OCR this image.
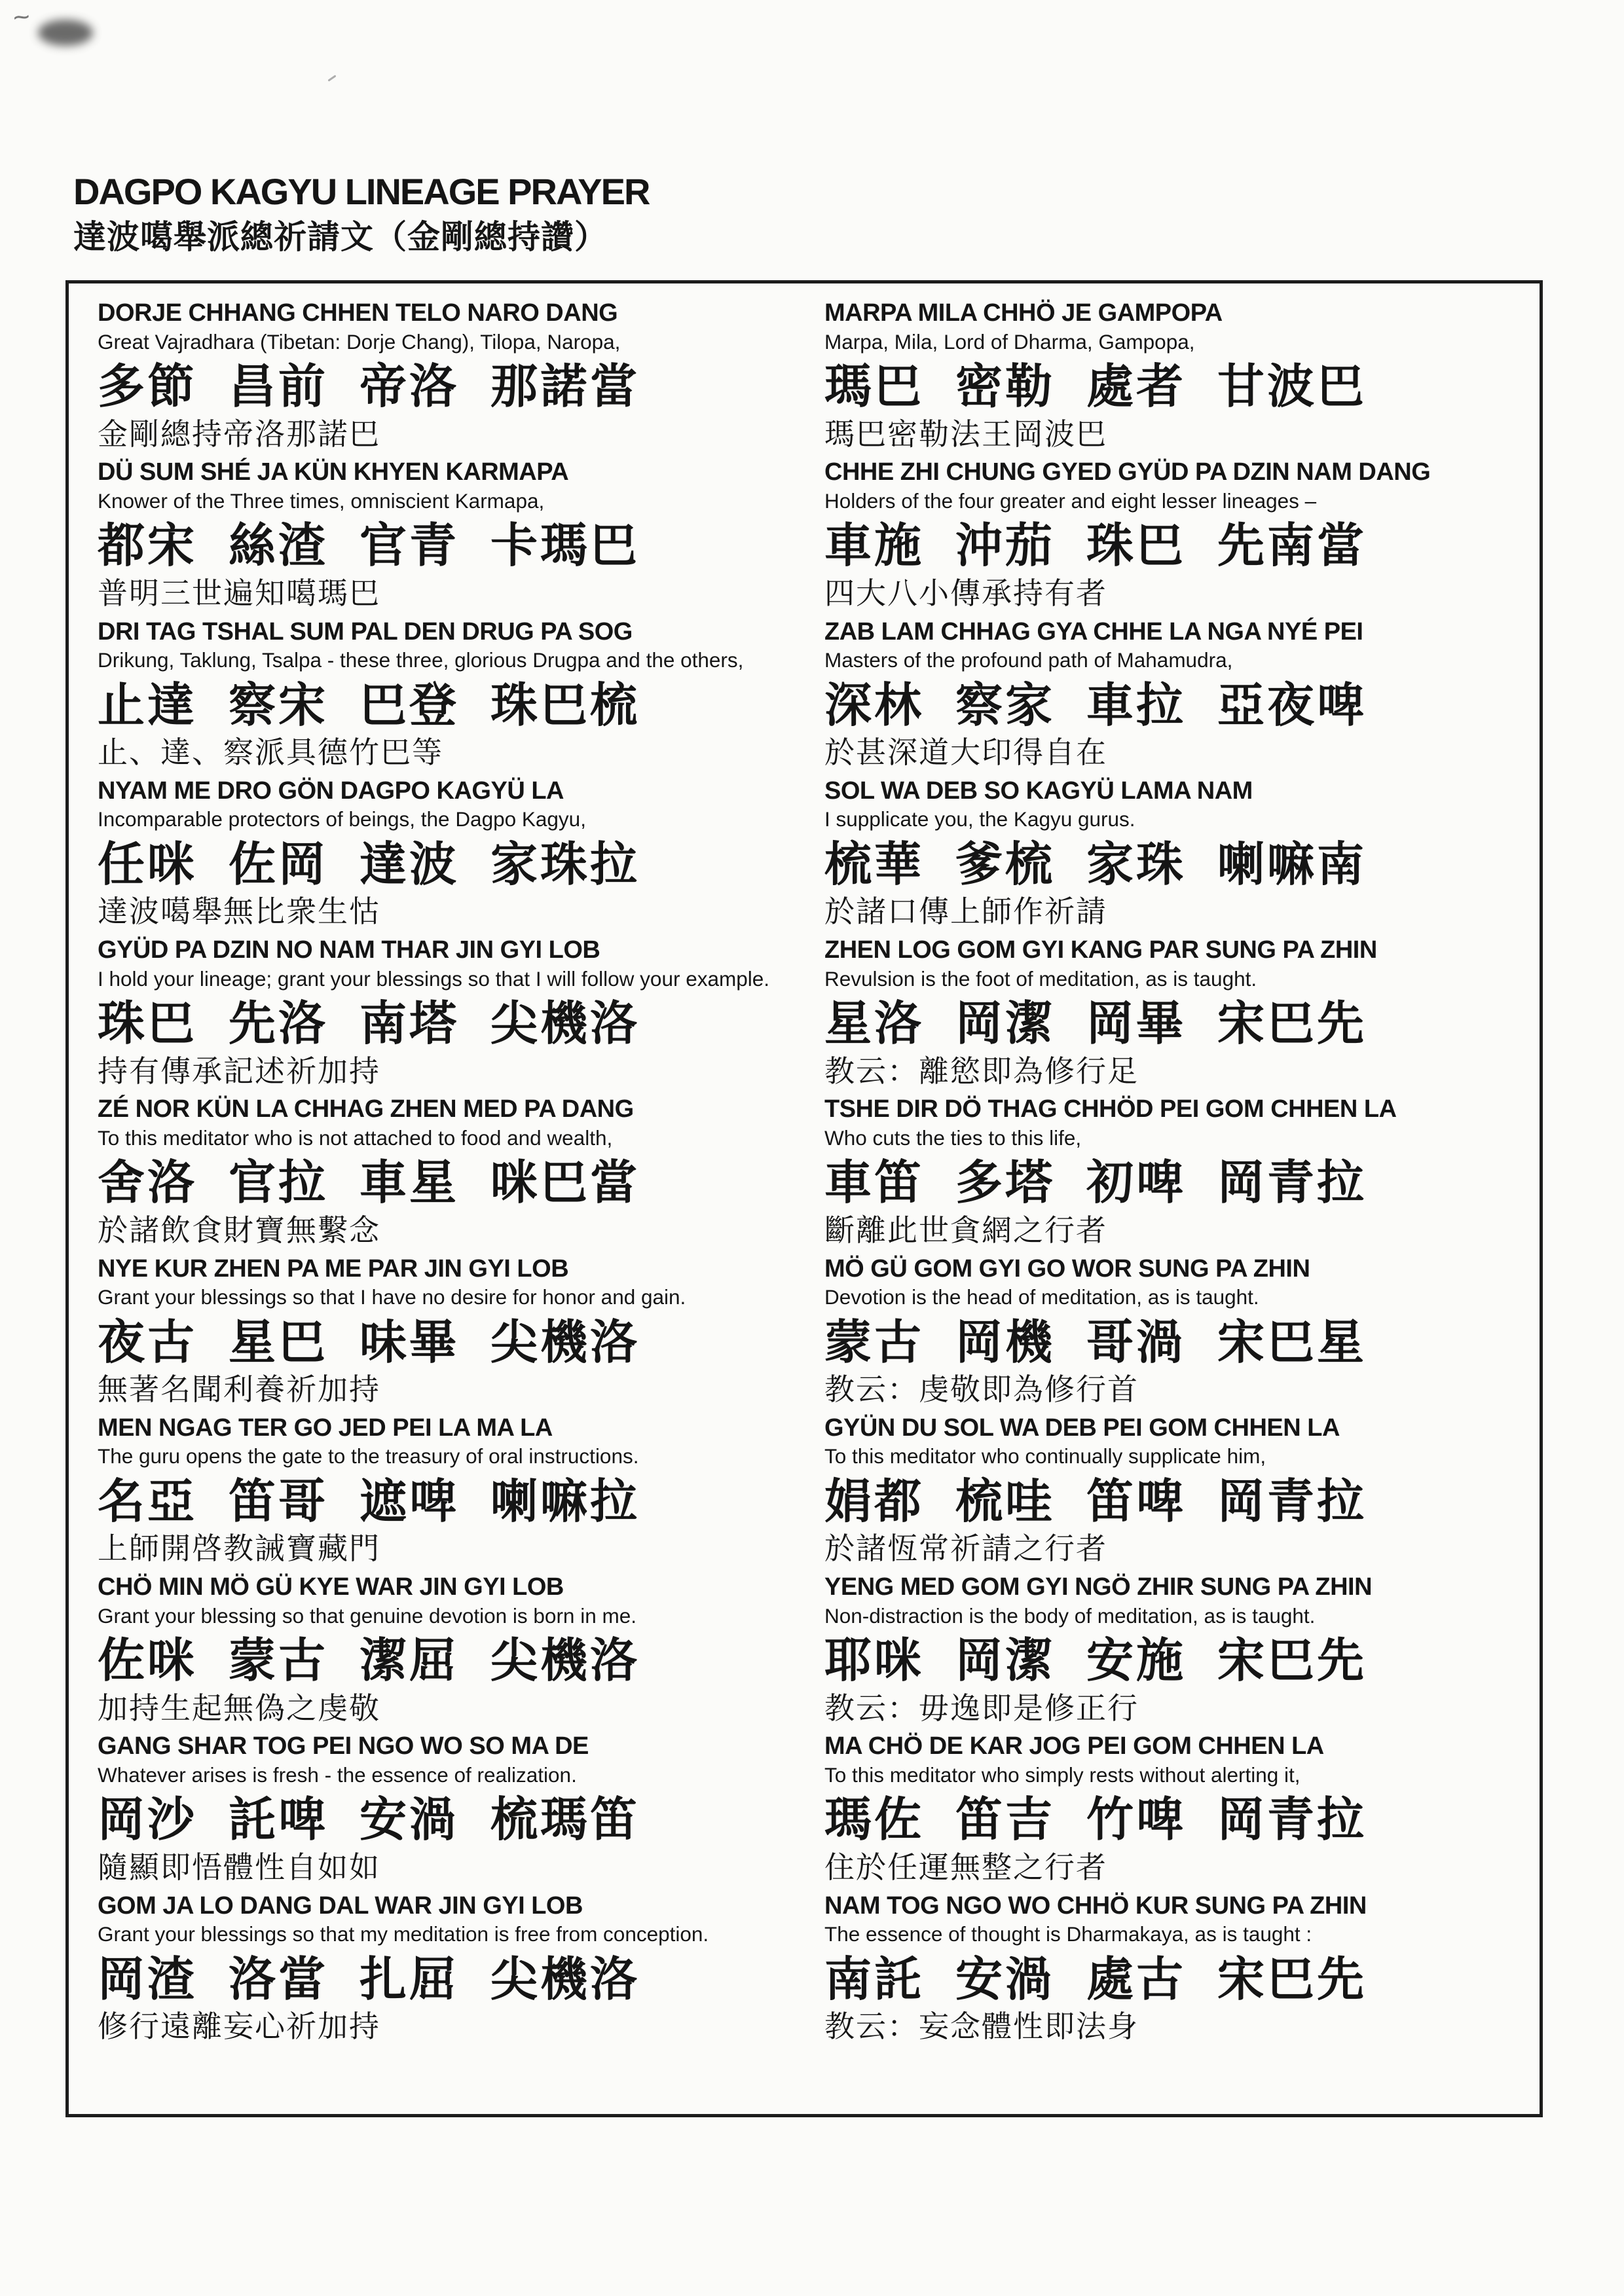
~
DAGPO KAGYU LINEAGE PRAYER
達波噶舉派總祈請文（金剛總持讚）
DORJE CHHANG CHHEN TELO NARO DANG
Great Vajradhara (Tibetan: Dorje Chang), Tilopa, Naropa,
多節 昌前 帝洛 那諾當
金剛總持帝洛那諾巴
MARPA MILA CHHÖ JE GAMPOPA
Marpa, Mila, Lord of Dharma, Gampopa,
瑪巴 密勒 處者 甘波巴
瑪巴密勒法王岡波巴
DÜ SUM SHÉ JA KÜN KHYEN KARMAPA
Knower of the Three times, omniscient Karmapa,
都宋 絲渣 官青 卡瑪巴
普明三世遍知噶瑪巴
CHHE ZHI CHUNG GYED GYÜD PA DZIN NAM DANG
Holders of the four greater and eight lesser lineages –
車施 沖茄 珠巴 先南當
四大八小傳承持有者
DRI TAG TSHAL SUM PAL DEN DRUG PA SOG
Drikung, Taklung, Tsalpa - these three, glorious Drugpa and the others,
止達 察宋 巴登 珠巴梳
止、達、察派具德竹巴等
ZAB LAM CHHAG GYA CHHE LA NGA NYÉ PEI
Masters of the profound path of Mahamudra,
深林 察家 車拉 亞夜啤
於甚深道大印得自在
NYAM ME DRO GÖN DAGPO KAGYÜ LA
Incomparable protectors of beings, the Dagpo Kagyu,
任咪 佐岡 達波 家珠拉
達波噶舉無比衆生怙
SOL WA DEB SO KAGYÜ LAMA NAM
I supplicate you, the Kagyu gurus.
梳華 爹梳 家珠 喇嘛南
於諸口傳上師作祈請
GYÜD PA DZIN NO NAM THAR JIN GYI LOB
I hold your lineage; grant your blessings so that I will follow your example.
珠巴 先洛 南塔 尖機洛
持有傳承記述祈加持
ZHEN LOG GOM GYI KANG PAR SUNG PA ZHIN
Revulsion is the foot of meditation, as is taught.
星洛 岡潔 岡畢 宋巴先
教云：離慾即為修行足
ZÉ NOR KÜN LA CHHAG ZHEN MED PA DANG
To this meditator who is not attached to food and wealth,
舍洛 官拉 車星 咪巴當
於諸飲食財寶無繫念
TSHE DIR DÖ THAG CHHÖD PEI GOM CHHEN LA
Who cuts the ties to this life,
車笛 多塔 初啤 岡青拉
斷離此世貪網之行者
NYE KUR ZHEN PA ME PAR JIN GYI LOB
Grant your blessings so that I have no desire for honor and gain.
夜古 星巴 味畢 尖機洛
無著名聞利養祈加持
MÖ GÜ GOM GYI GO WOR SUNG PA ZHIN
Devotion is the head of meditation, as is taught.
蒙古 岡機 哥渦 宋巴星
教云：虔敬即為修行首
MEN NGAG TER GO JED PEI LA MA LA
The guru opens the gate to the treasury of oral instructions.
名亞 笛哥 遮啤 喇嘛拉
上師開啓教誡寶藏門
GYÜN DU SOL WA DEB PEI GOM CHHEN LA
To this meditator who continually supplicate him,
娟都 梳哇 笛啤 岡青拉
於諸恆常祈請之行者
CHÖ MIN MÖ GÜ KYE WAR JIN GYI LOB
Grant your blessing so that genuine devotion is born in me.
佐咪 蒙古 潔屈 尖機洛
加持生起無偽之虔敬
YENG MED GOM GYI NGÖ ZHIR SUNG PA ZHIN
Non-distraction is the body of meditation, as is taught.
耶咪 岡潔 安施 宋巴先
教云：毋逸即是修正行
GANG SHAR TOG PEI NGO WO SO MA DE
Whatever arises is fresh - the essence of realization.
岡沙 託啤 安渦 梳瑪笛
隨顯即悟體性自如如
MA CHÖ DE KAR JOG PEI GOM CHHEN LA
To this meditator who simply rests without alerting it,
瑪佐 笛吉 竹啤 岡青拉
住於任運無整之行者
GOM JA LO DANG DAL WAR JIN GYI LOB
Grant your blessings so that my meditation is free from conception.
岡渣 洛當 扎屈 尖機洛
修行遠離妄心祈加持
NAM TOG NGO WO CHHÖ KUR SUNG PA ZHIN
The essence of thought is Dharmakaya, as is taught :
南託 安渦 處古 宋巴先
教云：妄念體性即法身
